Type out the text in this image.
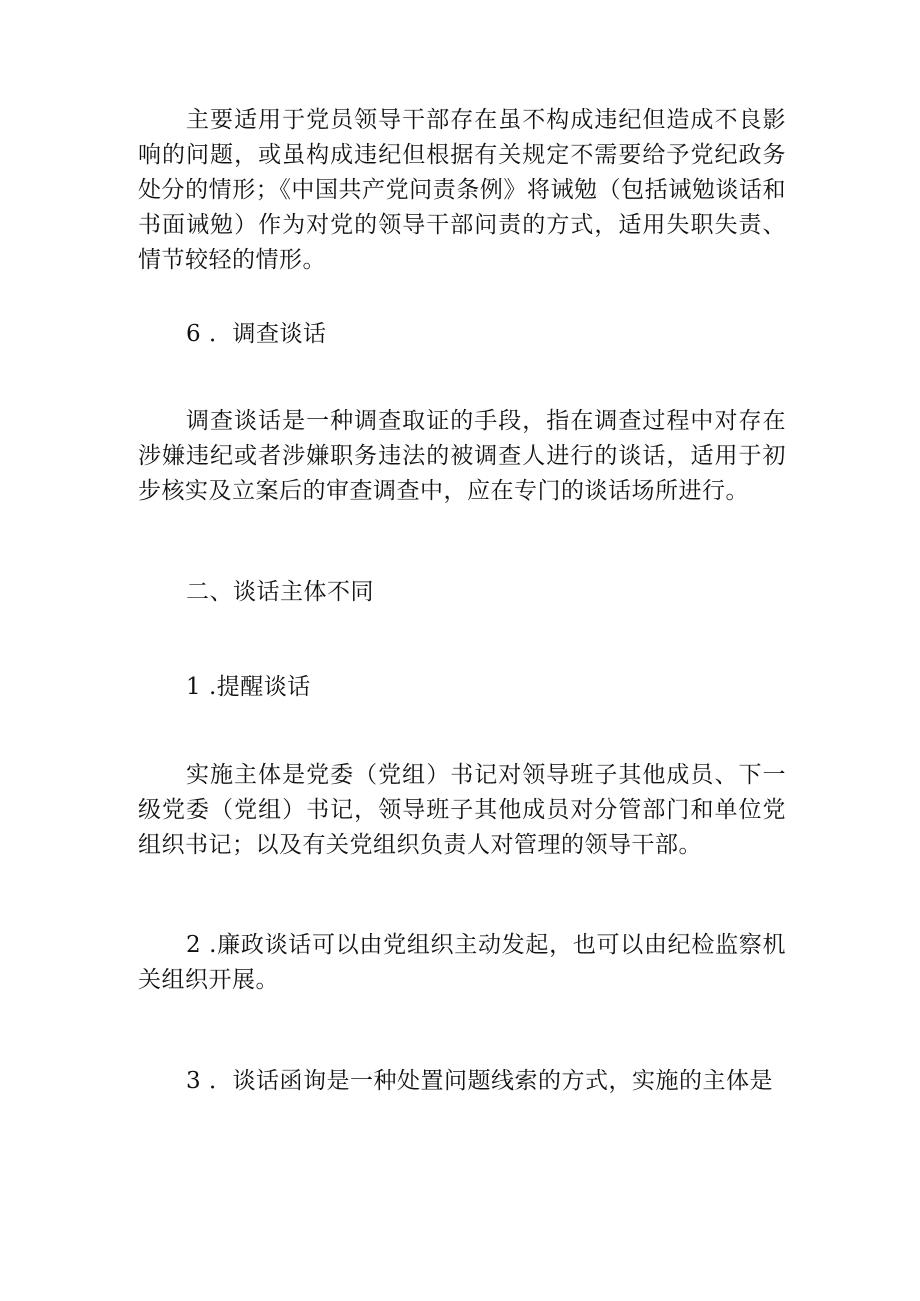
主要适用于党员领导干部存在虽不构成违纪但造成不良影响的问题，或虽构成违纪但根据有关规定不需要给予党纪政务处分的情形；《中国共产党问责条例》将诫勉（包括诫勉谈话和书面诫勉）作为对党的领导干部问责的方式，适用失职失责、情节较轻的情形。

6 ．调查谈话

调查谈话是一种调查取证的手段，指在调查过程中对存在涉嫌违纪或者涉嫌职务违法的被调查人进行的谈话，适用于初步核实及立案后的审查调查中，应在专门的谈话场所进行。

二、谈话主体不同

1 .提醒谈话

实施主体是党委（党组）书记对领导班子其他成员、下一级党委（党组）书记，领导班子其他成员对分管部门和单位党组织书记；以及有关党组织负责人对管理的领导干部。

2 .廉政谈话可以由党组织主动发起，也可以由纪检监察机关组织开展。

3 ．谈话函询是一种处置问题线索的方式，实施的主体是
